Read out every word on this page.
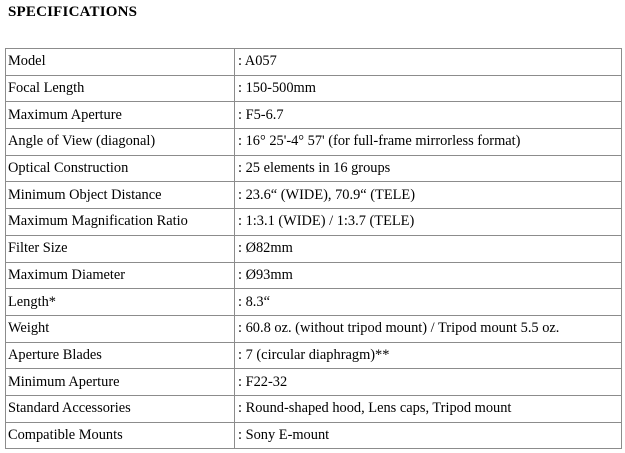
SPECIFICATIONS
Model	: A057
Focal Length	: 150-500mm
Maximum Aperture	: F5-6.7
Angle of View (diagonal)	: 16° 25'-4° 57' (for full-frame mirrorless format)
Optical Construction	: 25 elements in 16 groups
Minimum Object Distance	: 23.6“ (WIDE), 70.9“ (TELE)
Maximum Magnification Ratio	: 1:3.1 (WIDE) / 1:3.7 (TELE)
Filter Size	: Ø82mm
Maximum Diameter	: Ø93mm
Length*	: 8.3“
Weight	: 60.8 oz. (without tripod mount) / Tripod mount 5.5 oz.
Aperture Blades	: 7 (circular diaphragm)**
Minimum Aperture	: F22-32
Standard Accessories	: Round-shaped hood, Lens caps, Tripod mount
Compatible Mounts	: Sony E-mount
